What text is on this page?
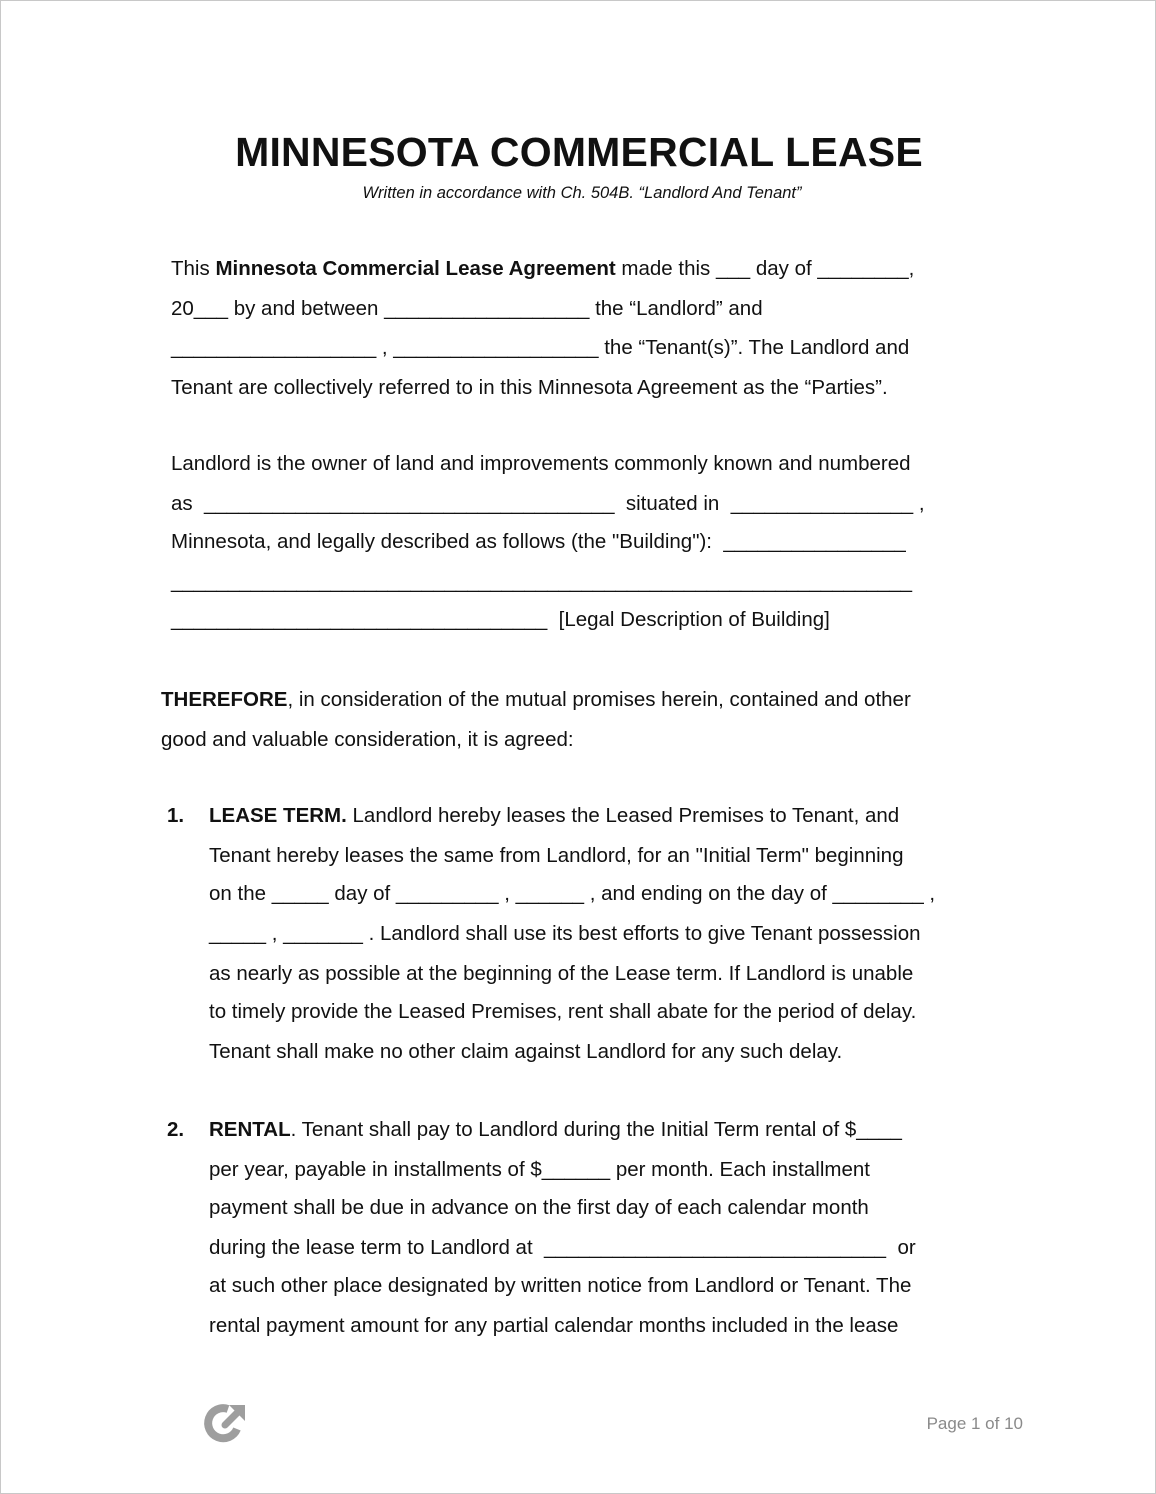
MINNESOTA COMMERCIAL LEASE
Written in accordance with Ch. 504B. “Landlord And Tenant”
This Minnesota Commercial Lease Agreement made this ___ day of ________,
20___ by and between __________________ the “Landlord” and
__________________ , __________________ the “Tenant(s)”. The Landlord and
Tenant are collectively referred to in this Minnesota Agreement as the “Parties”.
Landlord is the owner of land and improvements commonly known and numbered
as  ____________________________________  situated in  ________________ ,
Minnesota, and legally described as follows (the "Building"):  ________________
_________________________________________________________________
_________________________________  [Legal Description of Building]
THEREFORE, in consideration of the mutual promises herein, contained and other
good and valuable consideration, it is agreed:
1. LEASE TERM. Landlord hereby leases the Leased Premises to Tenant, and
Tenant hereby leases the same from Landlord, for an "Initial Term" beginning
on the _____ day of _________ , ______ , and ending on the day of ________ ,
_____ , _______ . Landlord shall use its best efforts to give Tenant possession
as nearly as possible at the beginning of the Lease term. If Landlord is unable
to timely provide the Leased Premises, rent shall abate for the period of delay.
Tenant shall make no other claim against Landlord for any such delay.
2. RENTAL. Tenant shall pay to Landlord during the Initial Term rental of $____
per year, payable in installments of $______ per month. Each installment
payment shall be due in advance on the first day of each calendar month
during the lease term to Landlord at  ______________________________  or
at such other place designated by written notice from Landlord or Tenant. The
rental payment amount for any partial calendar months included in the lease
Page 1 of 10
